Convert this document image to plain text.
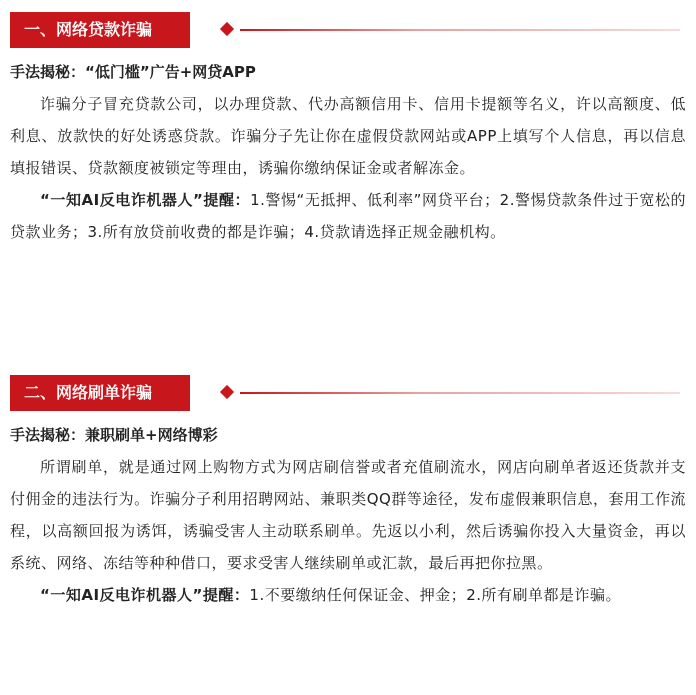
一、网络贷款诈骗
手法揭秘：“低门槛”广告+网贷APP
诈骗分子冒充贷款公司，以办理贷款、代办高额信用卡、信用卡提额等名义，许以高额度、低利息、放款快的好处诱惑贷款。诈骗分子先让你在虚假贷款网站或APP上填写个人信息，再以信息填报错误、贷款额度被锁定等理由，诱骗你缴纳保证金或者解冻金。
“一知AI反电诈机器人”提醒：1.警惕“无抵押、低利率”网贷平台；2.警惕贷款条件过于宽松的贷款业务；3.所有放贷前收费的都是诈骗；4.贷款请选择正规金融机构。
二、网络刷单诈骗
手法揭秘：兼职刷单+网络博彩
所谓刷单，就是通过网上购物方式为网店刷信誉或者充值刷流水，网店向刷单者返还货款并支付佣金的违法行为。诈骗分子利用招聘网站、兼职类QQ群等途径，发布虚假兼职信息，套用工作流程，以高额回报为诱饵，诱骗受害人主动联系刷单。先返以小利，然后诱骗你投入大量资金，再以系统、网络、冻结等种种借口，要求受害人继续刷单或汇款，最后再把你拉黑。
“一知AI反电诈机器人”提醒：1.不要缴纳任何保证金、押金；2.所有刷单都是诈骗。
